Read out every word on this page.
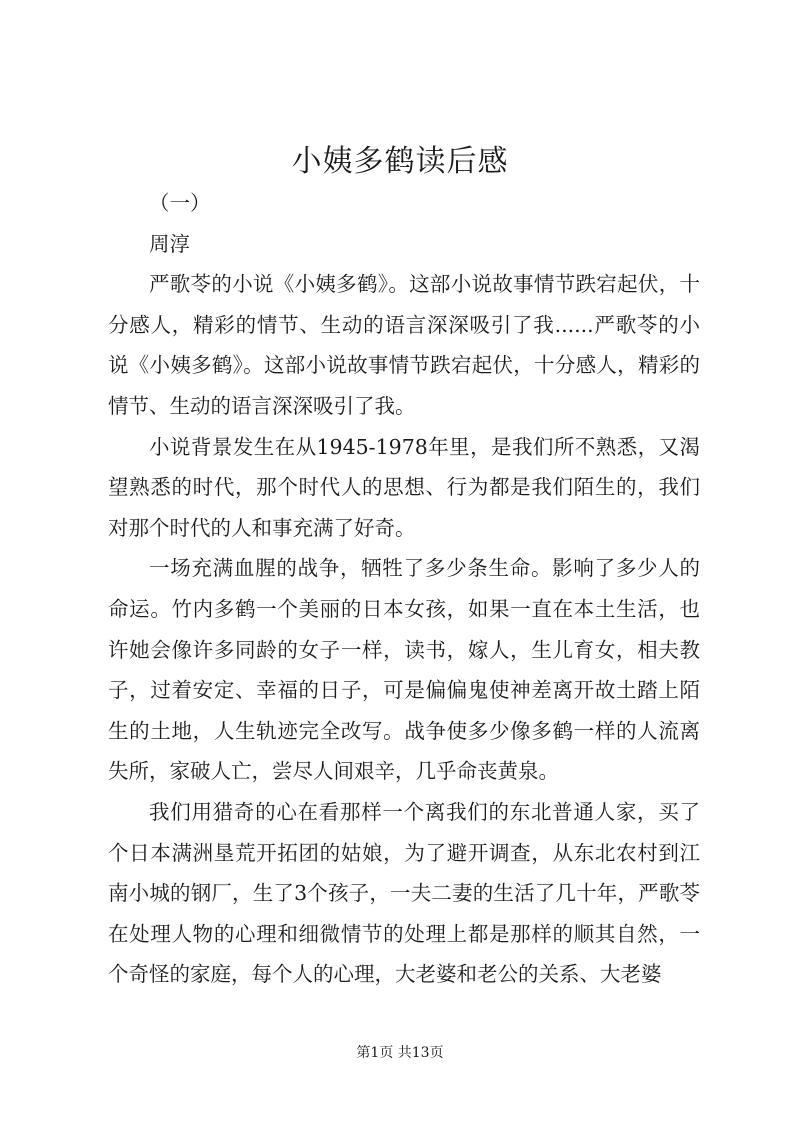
小姨多鹤读后感

（一）

周淳

严歌苓的小说《小姨多鹤》。这部小说故事情节跌宕起伏，十分感人，精彩的情节、生动的语言深深吸引了我......严歌苓的小说《小姨多鹤》。这部小说故事情节跌宕起伏，十分感人，精彩的情节、生动的语言深深吸引了我。

小说背景发生在从1945-1978年里，是我们所不熟悉，又渴望熟悉的时代，那个时代人的思想、行为都是我们陌生的，我们对那个时代的人和事充满了好奇。

一场充满血腥的战争，牺牲了多少条生命。影响了多少人的命运。竹内多鹤一个美丽的日本女孩，如果一直在本土生活，也许她会像许多同龄的女子一样，读书，嫁人，生儿育女，相夫教子，过着安定、幸福的日子，可是偏偏鬼使神差离开故土踏上陌生的土地，人生轨迹完全改写。战争使多少像多鹤一样的人流离失所，家破人亡，尝尽人间艰辛，几乎命丧黄泉。

我们用猎奇的心在看那样一个离我们的东北普通人家，买了个日本满洲垦荒开拓团的姑娘，为了避开调查，从东北农村到江南小城的钢厂，生了3个孩子，一夫二妻的生活了几十年，严歌苓在处理人物的心理和细微情节的处理上都是那样的顺其自然，一个奇怪的家庭，每个人的心理，大老婆和老公的关系、大老婆

第1页 共13页
